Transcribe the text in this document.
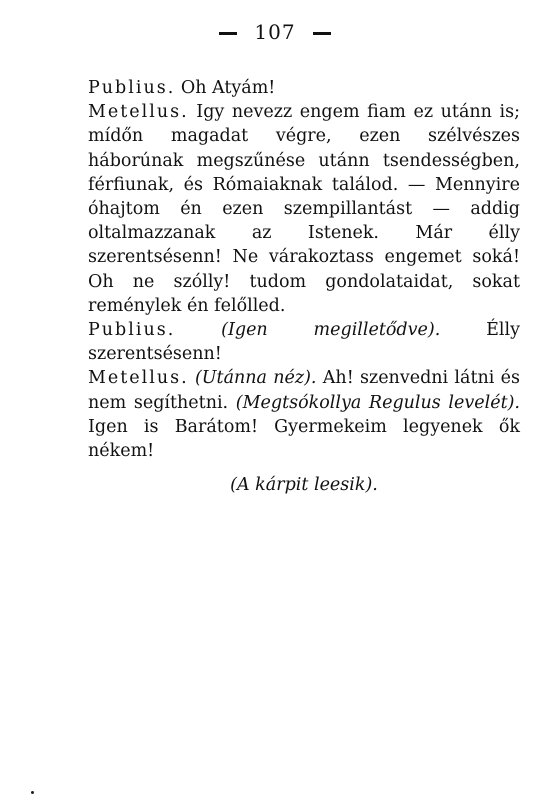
107

Publius. Oh Atyám!

Metellus. Igy nevezz engem fiam ez utánn is; mídőn magadat végre, ezen szélvészes háborúnak megszűnése utánn tsendességben, férfiunak, és Rómaiaknak találod. — Mennyire óhajtom én ezen szempillantást — addig oltalmazzanak az Istenek. Már élly szerentsésenn! Ne várakoztass engemet soká! Oh ne szólly! tudom gondolataidat, sokat reménylek én felőlled.

Publius.	(Igen megilletődve).	Élly szerentsésenn!

Metellus. (Utánna néz). Ah! szenvedni látni és nem segíthetni. (Megtsókollya Regulus levelét). Igen is Barátom! Gyermekeim legyenek ők nékem!

(A kárpit leesik).
